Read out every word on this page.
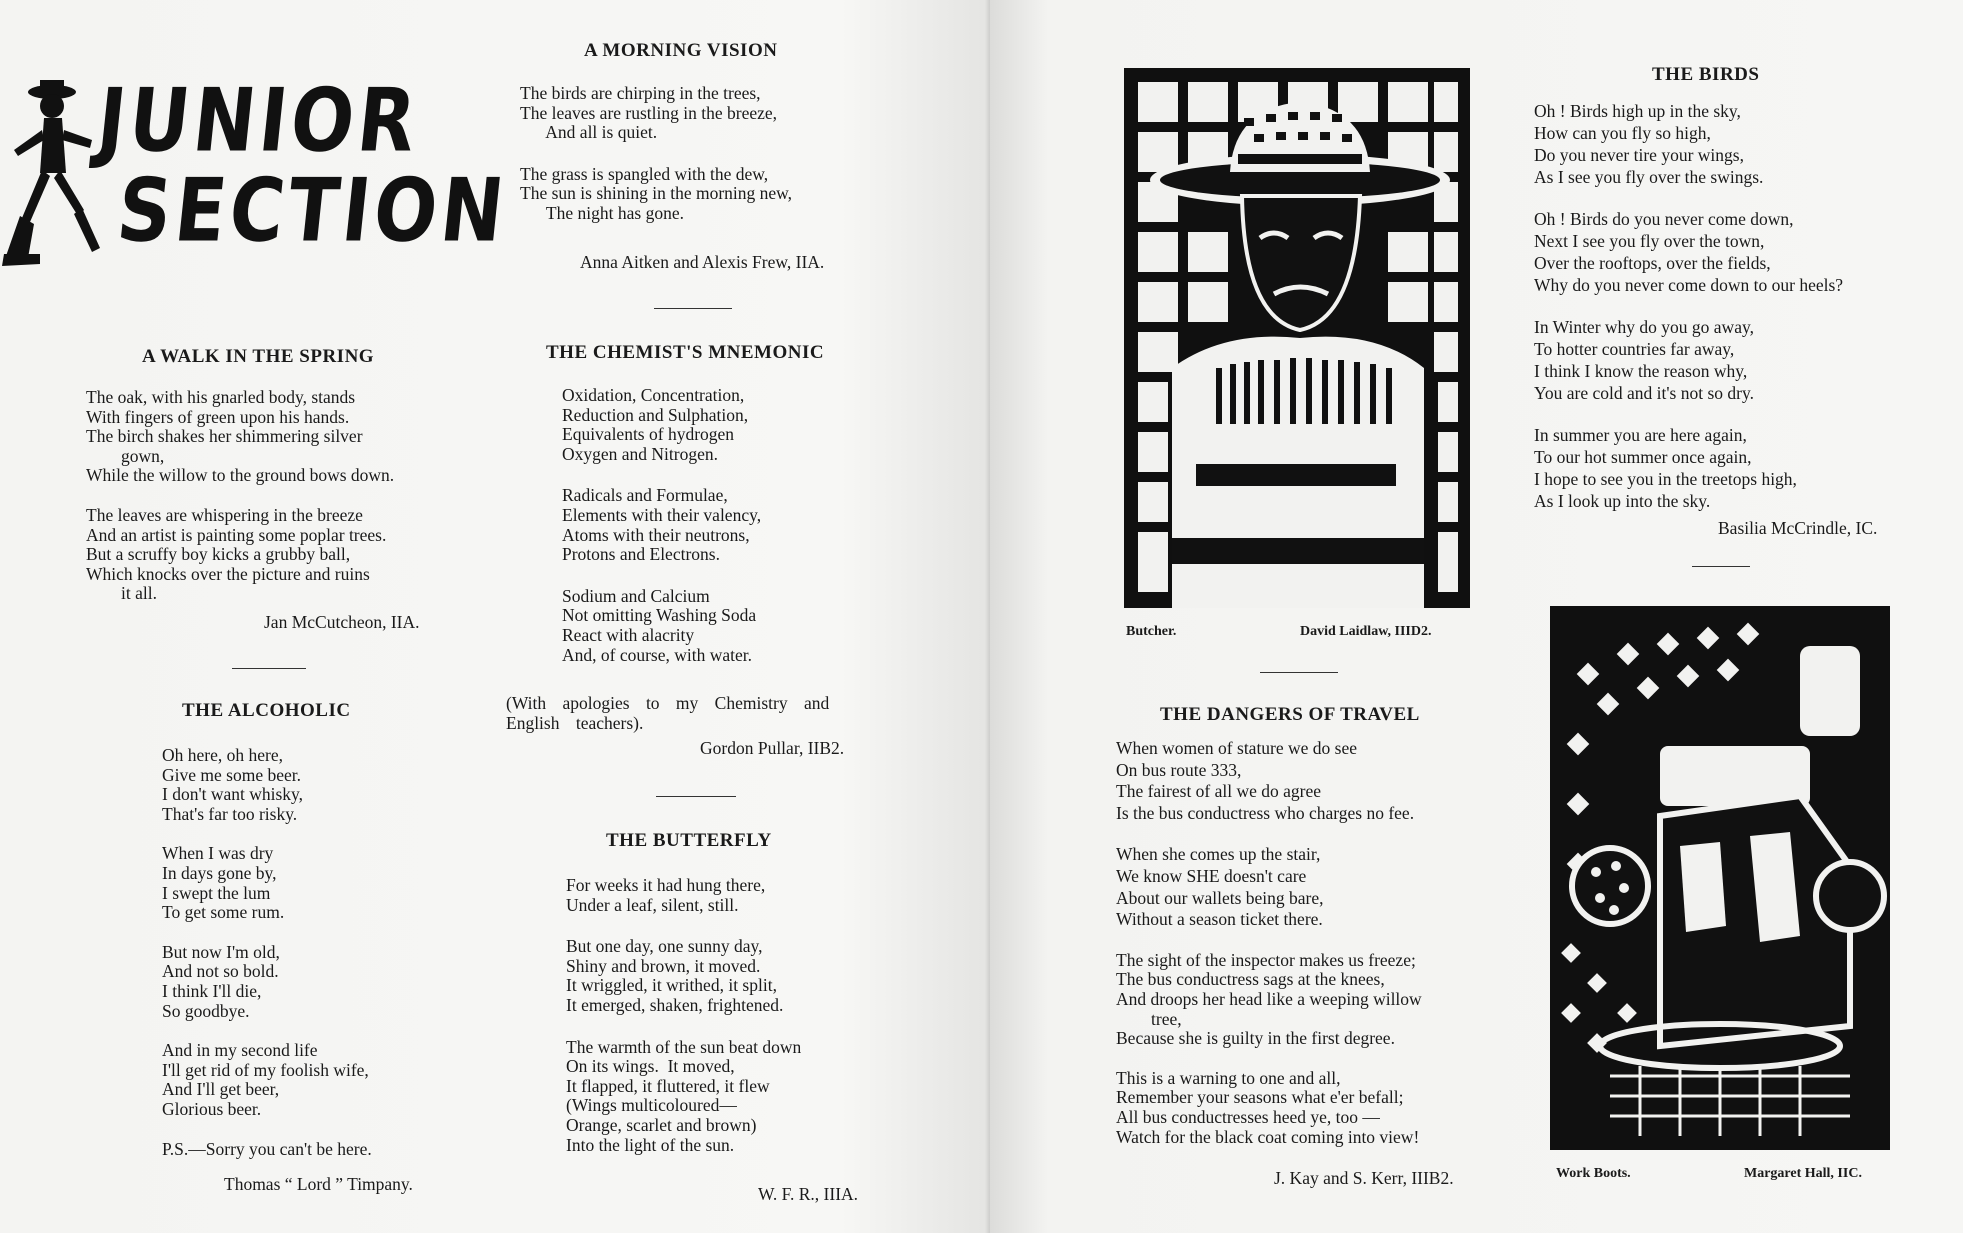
JUNIOR
SECTION

A WALK IN THE SPRING

The oak, with his gnarled body, stands
With fingers of green upon his hands.
The birch shakes her shimmering silver
gown,
While the willow to the ground bows down.

The leaves are whispering in the breeze
And an artist is painting some poplar trees.
But a scruffy boy kicks a grubby ball,
Which knocks over the picture and ruins
it all.

Jan McCutcheon, IIA.

THE ALCOHOLIC

Oh here, oh here,
Give me some beer.
I don't want whisky,
That's far too risky.

When I was dry
In days gone by,
I swept the lum
To get some rum.

But now I'm old,
And not so bold.
I think I'll die,
So goodbye.

And in my second life
I'll get rid of my foolish wife,
And I'll get beer,
Glorious beer.

P.S.—Sorry you can't be here.

Thomas “ Lord ” Timpany.

A MORNING VISION

The birds are chirping in the trees,
The leaves are rustling in the breeze,
And all is quiet.

The grass is spangled with the dew,
The sun is shining in the morning new,
The night has gone.

Anna Aitken and Alexis Frew, IIA.

THE CHEMIST'S MNEMONIC

Oxidation, Concentration,
Reduction and Sulphation,
Equivalents of hydrogen
Oxygen and Nitrogen.

Radicals and Formulae,
Elements with their valency,
Atoms with their neutrons,
Protons and Electrons.

Sodium and Calcium
Not omitting Washing Soda
React with alacrity
And, of course, with water.

(With apologies to my Chemistry and
English teachers).

Gordon Pullar, IIB2.

THE BUTTERFLY

For weeks it had hung there,
Under a leaf, silent, still.

But one day, one sunny day,
Shiny and brown, it moved.
It wriggled, it writhed, it split,
It emerged, shaken, frightened.

The warmth of the sun beat down
On its wings.  It moved,
It flapped, it fluttered, it flew
(Wings multicoloured—
Orange, scarlet and brown)
Into the light of the sun.

W. F. R., IIIA.

Butcher.	David Laidlaw, IIID2.

THE DANGERS OF TRAVEL

When women of stature we do see
On bus route 333,
The fairest of all we do agree
Is the bus conductress who charges no fee.

When she comes up the stair,
We know SHE doesn't care
About our wallets being bare,
Without a season ticket there.

The sight of the inspector makes us freeze;
The bus conductress sags at the knees,
And droops her head like a weeping willow
tree,
Because she is guilty in the first degree.

This is a warning to one and all,
Remember your seasons what e'er befall;
All bus conductresses heed ye, too —
Watch for the black coat coming into view!

J. Kay and S. Kerr, IIIB2.

THE BIRDS

Oh ! Birds high up in the sky,
How can you fly so high,
Do you never tire your wings,
As I see you fly over the swings.

Oh ! Birds do you never come down,
Next I see you fly over the town,
Over the rooftops, over the fields,
Why do you never come down to our heels?

In Winter why do you go away,
To hotter countries far away,
I think I know the reason why,
You are cold and it's not so dry.

In summer you are here again,
To our hot summer once again,
I hope to see you in the treetops high,
As I look up into the sky.

Basilia McCrindle, IC.

Work Boots.	Margaret Hall, IIC.
